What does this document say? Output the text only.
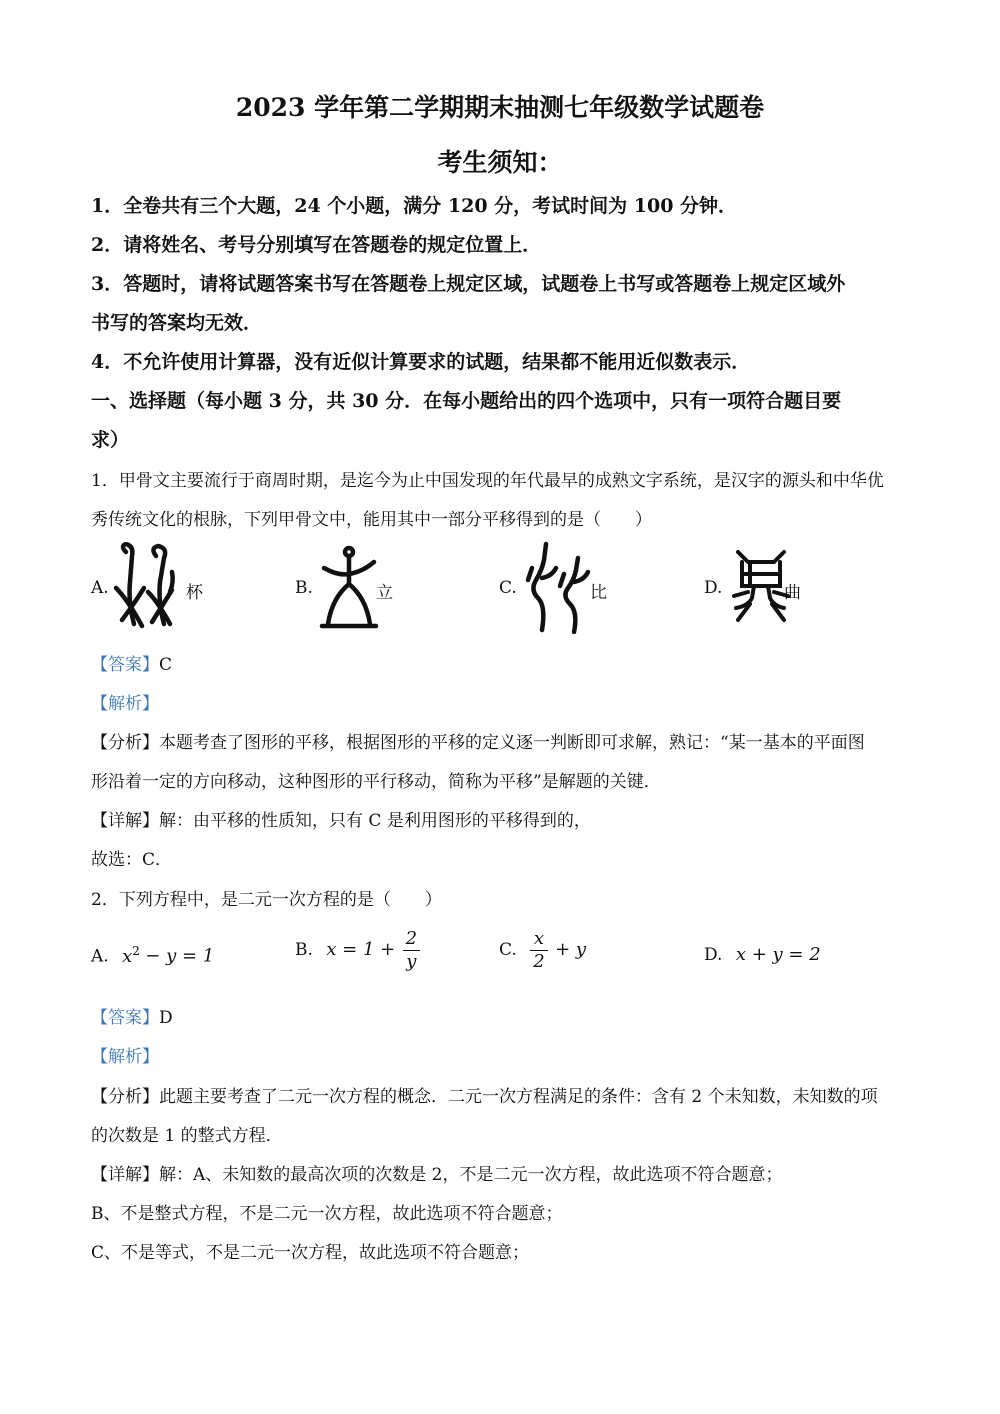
2023 学年第二学期期末抽测七年级数学试题卷
考生须知：
1．全卷共有三个大题，24 个小题，满分 120 分，考试时间为 100 分钟．
2．请将姓名、考号分别填写在答题卷的规定位置上．
3．答题时，请将试题答案书写在答题卷上规定区域，试题卷上书写或答题卷上规定区域外
书写的答案均无效．
4．不允许使用计算器，没有近似计算要求的试题，结果都不能用近似数表示．
一、选择题（每小题 3 分，共 30 分．在每小题给出的四个选项中，只有一项符合题目要
求）
1．甲骨文主要流行于商周时期，是迄今为止中国发现的年代最早的成熟文字系统，是汉字的源头和中华优
秀传统文化的根脉，下列甲骨文中，能用其中一部分平移得到的是（　　）
A.	杯	B.	立	C.	比	D.	曲
【答案】C
【解析】
【分析】本题考查了图形的平移，根据图形的平移的定义逐一判断即可求解，熟记：“某一基本的平面图
形沿着一定的方向移动，这种图形的平行移动，简称为平移”是解题的关键．
【详解】解：由平移的性质知，只有 C 是利用图形的平移得到的，
故选：C．
2．下列方程中，是二元一次方程的是（　　）
A. $x^2 - y = 1$	B. $x = 1 + \frac{2}{y}$	C. $\frac{x}{2} + y$	D. x + y = 2
【答案】D
【解析】
【分析】此题主要考查了二元一次方程的概念．二元一次方程满足的条件：含有 2 个未知数，未知数的项
的次数是 1 的整式方程．
【详解】解：A、未知数的最高次项的次数是 2，不是二元一次方程，故此选项不符合题意；
B、不是整式方程，不是二元一次方程，故此选项不符合题意；
C、不是等式，不是二元一次方程，故此选项不符合题意；
